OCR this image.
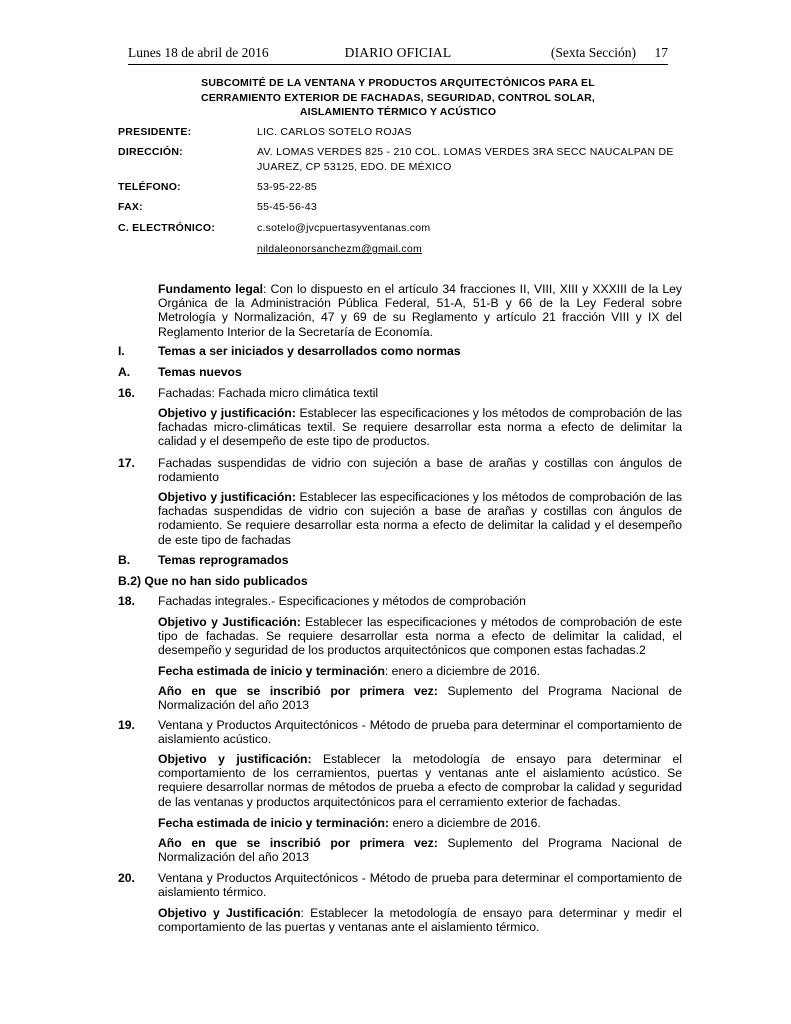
Lunes 18 de abril de 2016	DIARIO OFICIAL	(Sexta Sección) 17
SUBCOMITÉ DE LA VENTANA Y PRODUCTOS ARQUITECTÓNICOS PARA EL
CERRAMIENTO EXTERIOR DE FACHADAS, SEGURIDAD, CONTROL SOLAR,
AISLAMIENTO TÉRMICO Y ACÚSTICO
PRESIDENTE:	LIC. CARLOS SOTELO ROJAS
DIRECCIÓN:	AV. LOMAS VERDES 825 - 210 COL. LOMAS VERDES 3RA SECC NAUCALPAN DE
JUAREZ, CP 53125, EDO. DE MÉXICO
TELÉFONO:	53-95-22-85
FAX:	55-45-56-43
C. ELECTRÓNICO:	c.sotelo@jvcpuertasyventanas.com
nildaleonorsanchezm@gmail.com

Fundamento legal: Con lo dispuesto en el artículo 34 fracciones II, VIII, XIII y XXXIII de la Ley Orgánica de la Administración Pública Federal, 51-A, 51-B y 66 de la Ley Federal sobre Metrología y Normalización, 47 y 69 de su Reglamento y artículo 21 fracción VIII y IX del Reglamento Interior de la Secretaría de Economía.

I.	Temas a ser iniciados y desarrollados como normas
A. Temas nuevos
16. Fachadas: Fachada micro climática textil

Objetivo y justificación: Establecer las especificaciones y los métodos de comprobación de las fachadas micro-climáticas textil. Se requiere desarrollar esta norma a efecto de delimitar la calidad y el desempeño de este tipo de productos.

17. Fachadas suspendidas de vidrio con sujeción a base de arañas y costillas con ángulos de rodamiento

Objetivo y justificación: Establecer las especificaciones y los métodos de comprobación de las fachadas suspendidas de vidrio con sujeción a base de arañas y costillas con ángulos de rodamiento. Se requiere desarrollar esta norma a efecto de delimitar la calidad y el desempeño de este tipo de fachadas

B. Temas reprogramados
B.2) Que no han sido publicados
18. Fachadas integrales.- Especificaciones y métodos de comprobación

Objetivo y Justificación: Establecer las especificaciones y métodos de comprobación de este tipo de fachadas. Se requiere desarrollar esta norma a efecto de delimitar la calidad, el desempeño y seguridad de los productos arquitectónicos que componen estas fachadas.2

Fecha estimada de inicio y terminación: enero a diciembre de 2016.

Año en que se inscribió por primera vez: Suplemento del Programa Nacional de Normalización del año 2013

19. Ventana y Productos Arquitectónicos - Método de prueba para determinar el comportamiento de aislamiento acústico.

Objetivo y justificación: Establecer la metodología de ensayo para determinar el comportamiento de los cerramientos, puertas y ventanas ante el aislamiento acústico. Se requiere desarrollar normas de métodos de prueba a efecto de comprobar la calidad y seguridad de las ventanas y productos arquitectónicos para el cerramiento exterior de fachadas.

Fecha estimada de inicio y terminación: enero a diciembre de 2016.

Año en que se inscribió por primera vez: Suplemento del Programa Nacional de Normalización del año 2013

20. Ventana y Productos Arquitectónicos - Método de prueba para determinar el comportamiento de aislamiento térmico.

Objetivo y Justificación: Establecer la metodología de ensayo para determinar y medir el comportamiento de las puertas y ventanas ante el aislamiento térmico.
